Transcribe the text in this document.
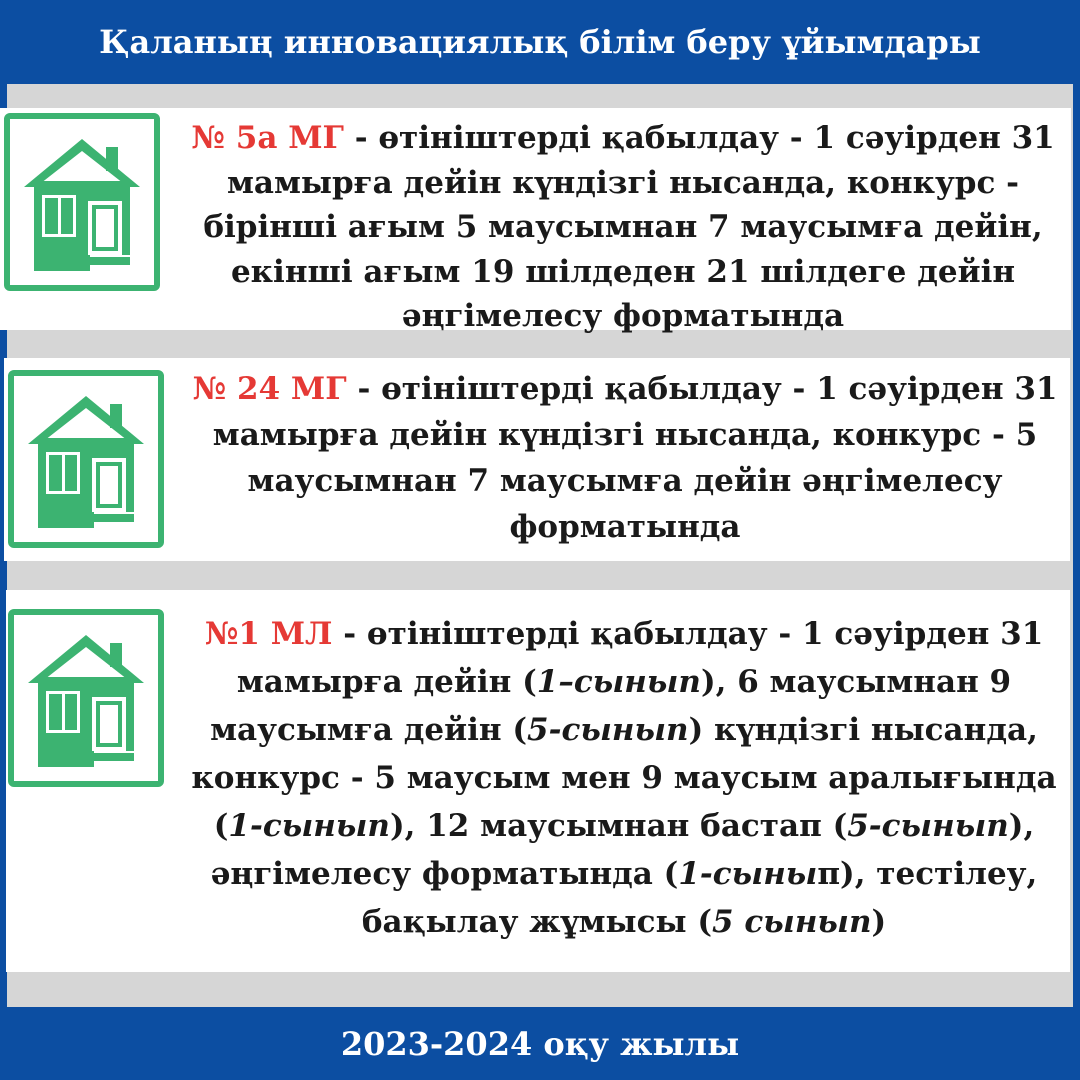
Қаланың инновациялық білім беру ұйымдары
№ 5а МГ - өтініштерді қабылдау - 1 сәуірден 31 мамырға дейін күндізгі нысанда, конкурс - бірінші ағым 5 маусымнан 7 маусымға дейін, екінші ағым 19 шілдеден 21 шілдеге дейін әңгімелесу форматында
№ 24 МГ - өтініштерді қабылдау - 1 сәуірден 31 мамырға дейін күндізгі нысанда, конкурс - 5 маусымнан 7 маусымға дейін әңгімелесу форматында
№1 МЛ - өтініштерді қабылдау - 1 сәуірден 31 мамырға дейін (1–сынып), 6 маусымнан 9 маусымға дейін (5-сынып) күндізгі нысанда, конкурс - 5 маусым мен 9 маусым аралығында (1-сынып), 12 маусымнан бастап (5-сынып), әңгімелесу форматында (1-сынып), тестілеу, бақылау жұмысы (5 сынып)
2023-2024 оқу жылы
